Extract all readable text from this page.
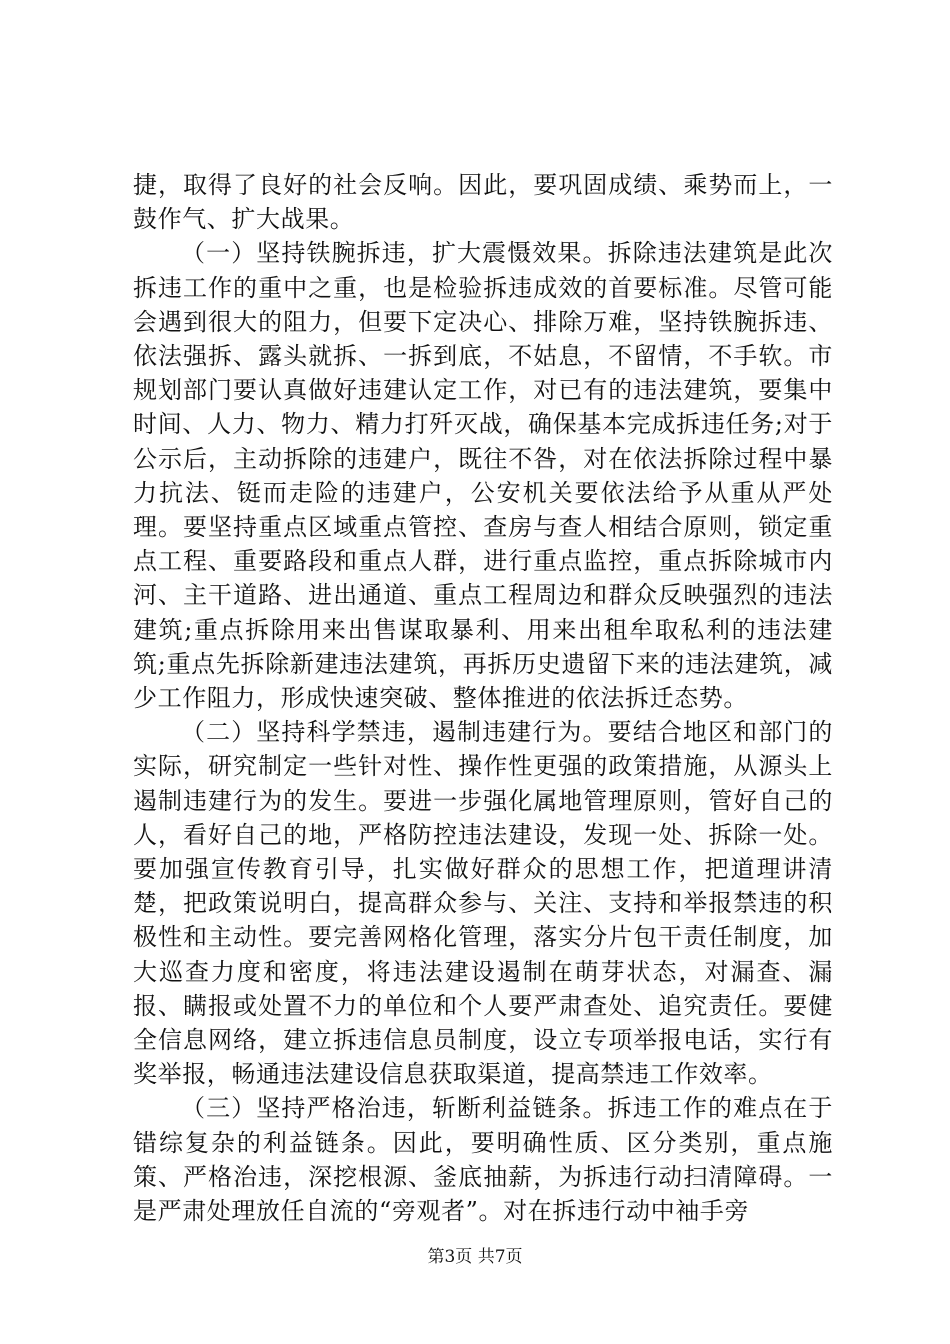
捷，取得了良好的社会反响。因此，要巩固成绩、乘势而上，一鼓作气、扩大战果。

（一）坚持铁腕拆违，扩大震慑效果。拆除违法建筑是此次拆违工作的重中之重，也是检验拆违成效的首要标准。尽管可能会遇到很大的阻力，但要下定决心、排除万难，坚持铁腕拆违、依法强拆、露头就拆、一拆到底，不姑息，不留情，不手软。市规划部门要认真做好违建认定工作，对已有的违法建筑，要集中时间、人力、物力、精力打歼灭战，确保基本完成拆违任务;对于公示后，主动拆除的违建户，既往不咎，对在依法拆除过程中暴力抗法、铤而走险的违建户，公安机关要依法给予从重从严处理。要坚持重点区域重点管控、查房与查人相结合原则，锁定重点工程、重要路段和重点人群，进行重点监控，重点拆除城市内河、主干道路、进出通道、重点工程周边和群众反映强烈的违法建筑;重点拆除用来出售谋取暴利、用来出租牟取私利的违法建筑;重点先拆除新建违法建筑，再拆历史遗留下来的违法建筑，减少工作阻力，形成快速突破、整体推进的依法拆迁态势。

（二）坚持科学禁违，遏制违建行为。要结合地区和部门的实际，研究制定一些针对性、操作性更强的政策措施，从源头上遏制违建行为的发生。要进一步强化属地管理原则，管好自己的人，看好自己的地，严格防控违法建设，发现一处、拆除一处。要加强宣传教育引导，扎实做好群众的思想工作，把道理讲清楚，把政策说明白，提高群众参与、关注、支持和举报禁违的积极性和主动性。要完善网格化管理，落实分片包干责任制度，加大巡查力度和密度，将违法建设遏制在萌芽状态，对漏查、漏报、瞒报或处置不力的单位和个人要严肃查处、追究责任。要健全信息网络，建立拆违信息员制度，设立专项举报电话，实行有奖举报，畅通违法建设信息获取渠道，提高禁违工作效率。

（三）坚持严格治违，斩断利益链条。拆违工作的难点在于错综复杂的利益链条。因此，要明确性质、区分类别，重点施策、严格治违，深挖根源、釜底抽薪，为拆违行动扫清障碍。一是严肃处理放任自流的“旁观者”。对在拆违行动中袖手旁

第3页 共7页
